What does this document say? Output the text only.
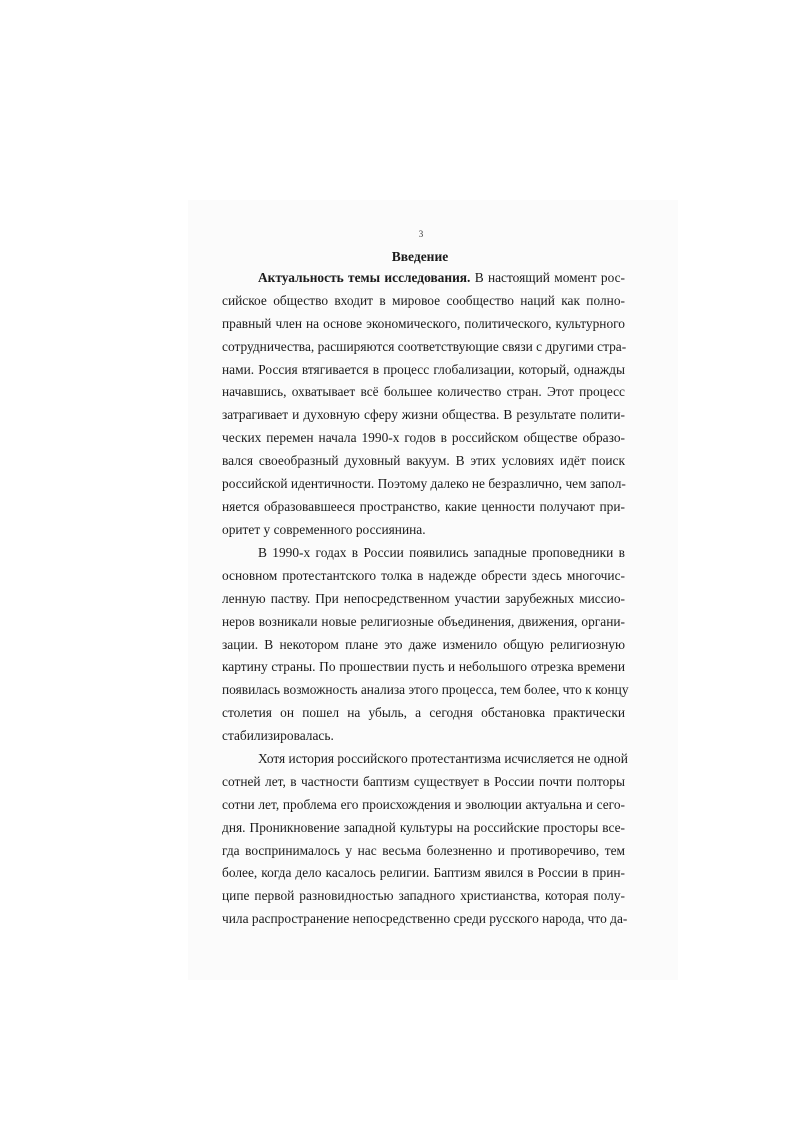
3
Введение
Актуальность темы исследования. В настоящий момент рос-
сийское общество входит в мировое сообщество наций как полно-
правный член на основе экономического, политического, культурного
сотрудничества, расширяются соответствующие связи с другими стра-
нами. Россия втягивается в процесс глобализации, который, однажды
начавшись, охватывает всё большее количество стран. Этот процесс
затрагивает и духовную сферу жизни общества. В результате полити-
ческих перемен начала 1990-х годов в российском обществе образо-
вался своеобразный духовный вакуум. В этих условиях идёт поиск
российской идентичности. Поэтому далеко не безразлично, чем запол-
няется образовавшееся пространство, какие ценности получают при-
оритет у современного россиянина.
В 1990-х годах в России появились западные проповедники в
основном протестантского толка в надежде обрести здесь многочис-
ленную паству. При непосредственном участии зарубежных миссио-
неров возникали новые религиозные объединения, движения, органи-
зации. В некотором плане это даже изменило общую религиозную
картину страны. По прошествии пусть и небольшого отрезка времени
появилась возможность анализа этого процесса, тем более, что к концу
столетия он пошел на убыль, а сегодня обстановка практически
стабилизировалась.
Хотя история российского протестантизма исчисляется не одной
сотней лет, в частности баптизм существует в России почти полторы
сотни лет, проблема его происхождения и эволюции актуальна и сего-
дня. Проникновение западной культуры на российские просторы все-
гда воспринималось у нас весьма болезненно и противоречиво, тем
более, когда дело касалось религии. Баптизм явился в России в прин-
ципе первой разновидностью западного христианства, которая полу-
чила распространение непосредственно среди русского народа, что да-
